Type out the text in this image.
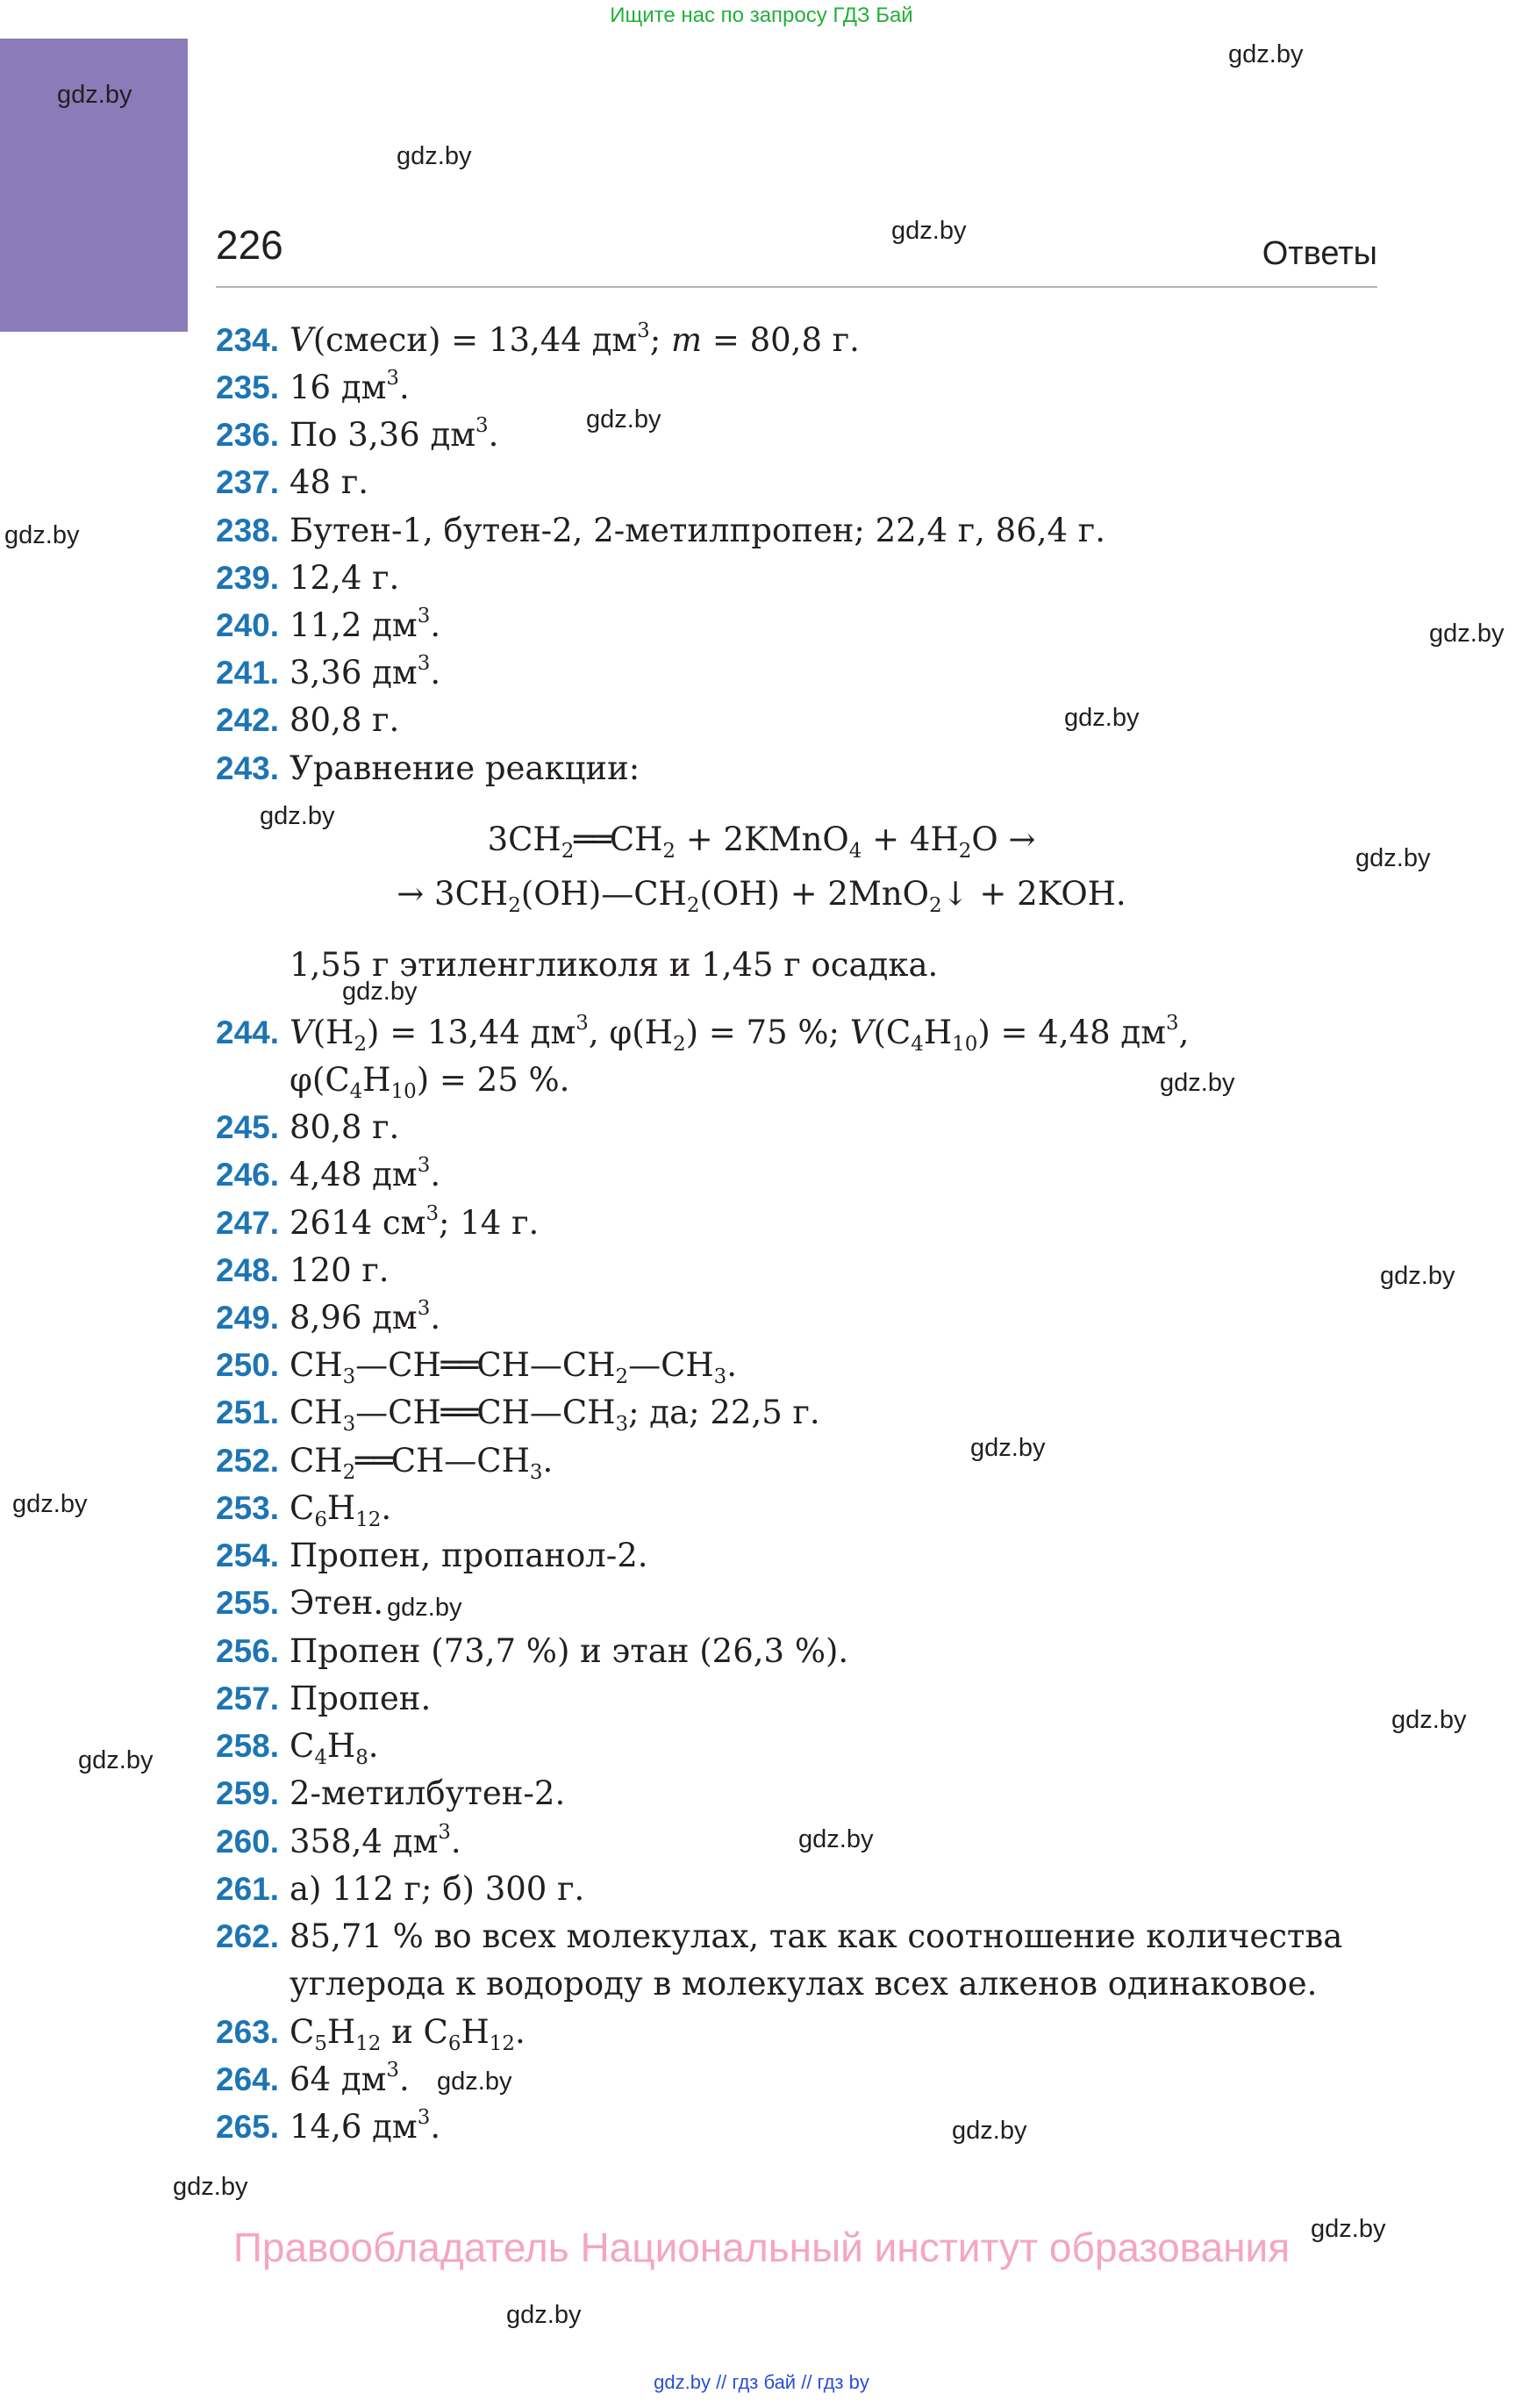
Ищите нас по запросу ГДЗ Бай
226	Ответы
234. V(смеси) = 13,44 $дм^3$; m = 80,8 г.
235. 16 $дм^3$.
236. По 3,36 $дм^3$.
237. 48 г.
238. Бутен-1, бутен-2, 2-метилпропен; 22,4 г, 86,4 г.
239. 12,4 г.
240. 11,2 $дм^3$.
241. 3,36 $дм^3$.
242. 80,8 г.
243. Уравнение реакции:
$3CH_2══CH_2$ + 2KMnO$_4$ + $4H_2O$ →
→ $3CH_2(OH)—CH_2(OH)$ + 2MnO$_2$↓ + 2KOH.
1,55 г этиленгликоля и 1,45 г осадка.
244. $V(H_2) = 13,44$ $дм^3$, $\varphi(H_2) = 75$ %; $V(C_4H_{10}) = 4,48$ $дм^3$,
$\varphi(C_4H_{10}) = 25$ %.
245. 80,8 г.
246. 4,48 $дм^3$.
247. 2614 $см^3$; 14 г.
248. 120 г.
249. 8,96 $дм^3$.
250. $CH_3—CH══CH—CH_2—CH_3$.
251. $CH_3—CH══CH—CH_3$; да; 22,5 г.
252. $CH_2══CH—CH_3$.
253. $C_6H_{12}$.
254. Пропен, пропанол-2.
255. Этен.
256. Пропен (73,7 %) и этан (26,3 %).
257. Пропен.
258. $C_4H_8$.
259. 2-метилбутен-2.
260. 358,4 $дм^3$.
261. а) 112 г; б) 300 г.
262. 85,71 % во всех молекулах, так как соотношение количества
углерода к водороду в молекулах всех алкенов одинаковое.
263. $C_5H_{12}$ и $C_6H_{12}$.
264. 64 $дм^3$.
265. 14,6 $дм^3$.
gdz.by
gdz.by
gdz.by
gdz.by
gdz.by
gdz.by
gdz.by
gdz.by
gdz.by
gdz.by
gdz.by
gdz.by
gdz.by
gdz.by
gdz.by
gdz.by
gdz.by
gdz.by
gdz.by
gdz.by
gdz.by
gdz.by
gdz.by
gdz.by
Правообладатель Национальный институт образования
gdz.by // гдз бай // гдз by
